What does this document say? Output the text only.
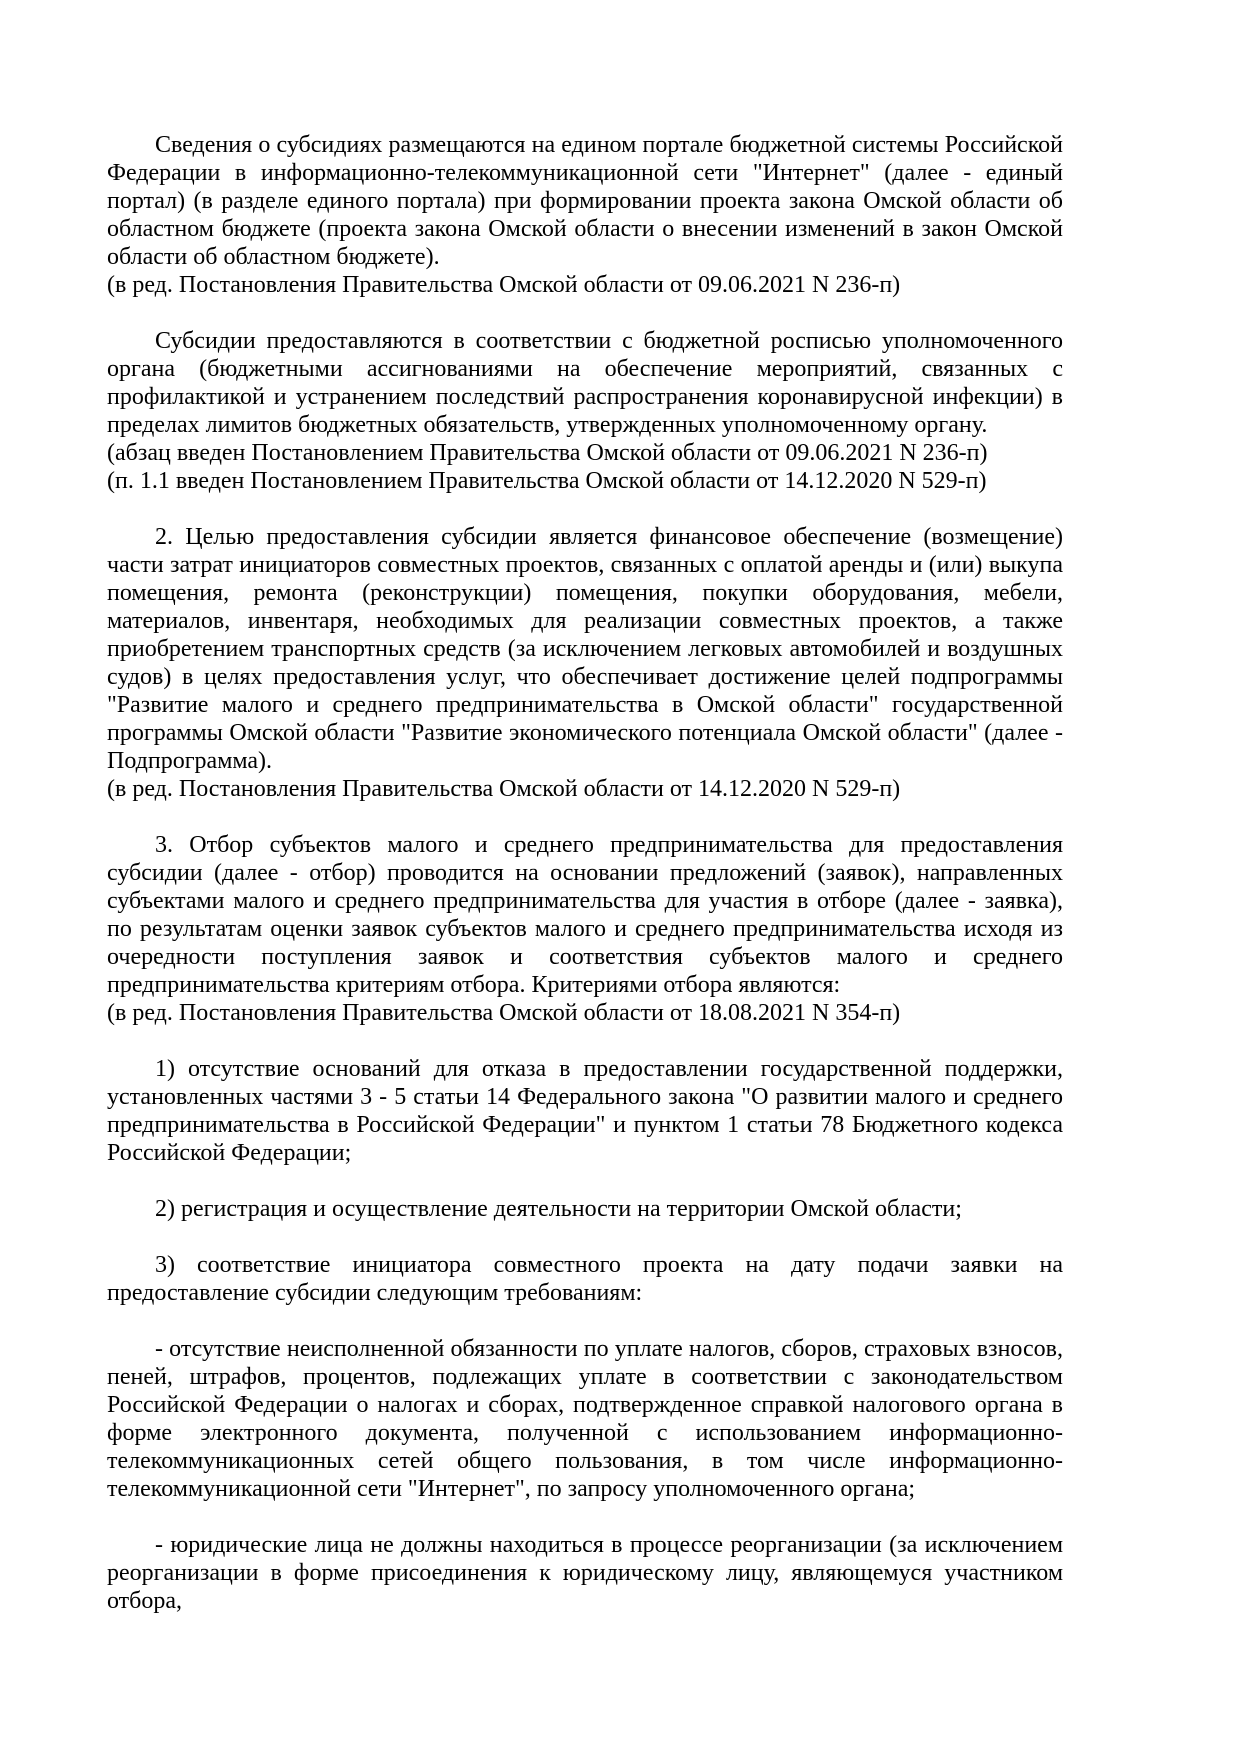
Сведения о субсидиях размещаются на едином портале бюджетной системы Российской Федерации в информационно-телекоммуникационной сети "Интернет" (далее - единый портал) (в разделе единого портала) при формировании проекта закона Омской области об областном бюджете (проекта закона Омской области о внесении изменений в закон Омской области об областном бюджете).

(в ред. Постановления Правительства Омской области от 09.06.2021 N 236-п)

Субсидии предоставляются в соответствии с бюджетной росписью уполномоченного органа (бюджетными ассигнованиями на обеспечение мероприятий, связанных с профилактикой и устранением последствий распространения коронавирусной инфекции) в пределах лимитов бюджетных обязательств, утвержденных уполномоченному органу.

(абзац введен Постановлением Правительства Омской области от 09.06.2021 N 236-п)

(п. 1.1 введен Постановлением Правительства Омской области от 14.12.2020 N 529-п)

2. Целью предоставления субсидии является финансовое обеспечение (возмещение) части затрат инициаторов совместных проектов, связанных с оплатой аренды и (или) выкупа помещения, ремонта (реконструкции) помещения, покупки оборудования, мебели, материалов, инвентаря, необходимых для реализации совместных проектов, а также приобретением транспортных средств (за исключением легковых автомобилей и воздушных судов) в целях предоставления услуг, что обеспечивает достижение целей подпрограммы "Развитие малого и среднего предпринимательства в Омской области" государственной программы Омской области "Развитие экономического потенциала Омской области" (далее - Подпрограмма).

(в ред. Постановления Правительства Омской области от 14.12.2020 N 529-п)

3. Отбор субъектов малого и среднего предпринимательства для предоставления субсидии (далее - отбор) проводится на основании предложений (заявок), направленных субъектами малого и среднего предпринимательства для участия в отборе (далее - заявка), по результатам оценки заявок субъектов малого и среднего предпринимательства исходя из очередности поступления заявок и соответствия субъектов малого и среднего предпринимательства критериям отбора. Критериями отбора являются:

(в ред. Постановления Правительства Омской области от 18.08.2021 N 354-п)

1) отсутствие оснований для отказа в предоставлении государственной поддержки, установленных частями 3 - 5 статьи 14 Федерального закона "О развитии малого и среднего предпринимательства в Российской Федерации" и пунктом 1 статьи 78 Бюджетного кодекса Российской Федерации;

2) регистрация и осуществление деятельности на территории Омской области;

3) соответствие инициатора совместного проекта на дату подачи заявки на предоставление субсидии следующим требованиям:

- отсутствие неисполненной обязанности по уплате налогов, сборов, страховых взносов, пеней, штрафов, процентов, подлежащих уплате в соответствии с законодательством Российской Федерации о налогах и сборах, подтвержденное справкой налогового органа в форме электронного документа, полученной с использованием информационно-телекоммуникационных сетей общего пользования, в том числе информационно-телекоммуникационной сети "Интернет", по запросу уполномоченного органа;

- юридические лица не должны находиться в процессе реорганизации (за исключением реорганизации в форме присоединения к юридическому лицу, являющемуся участником отбора,
